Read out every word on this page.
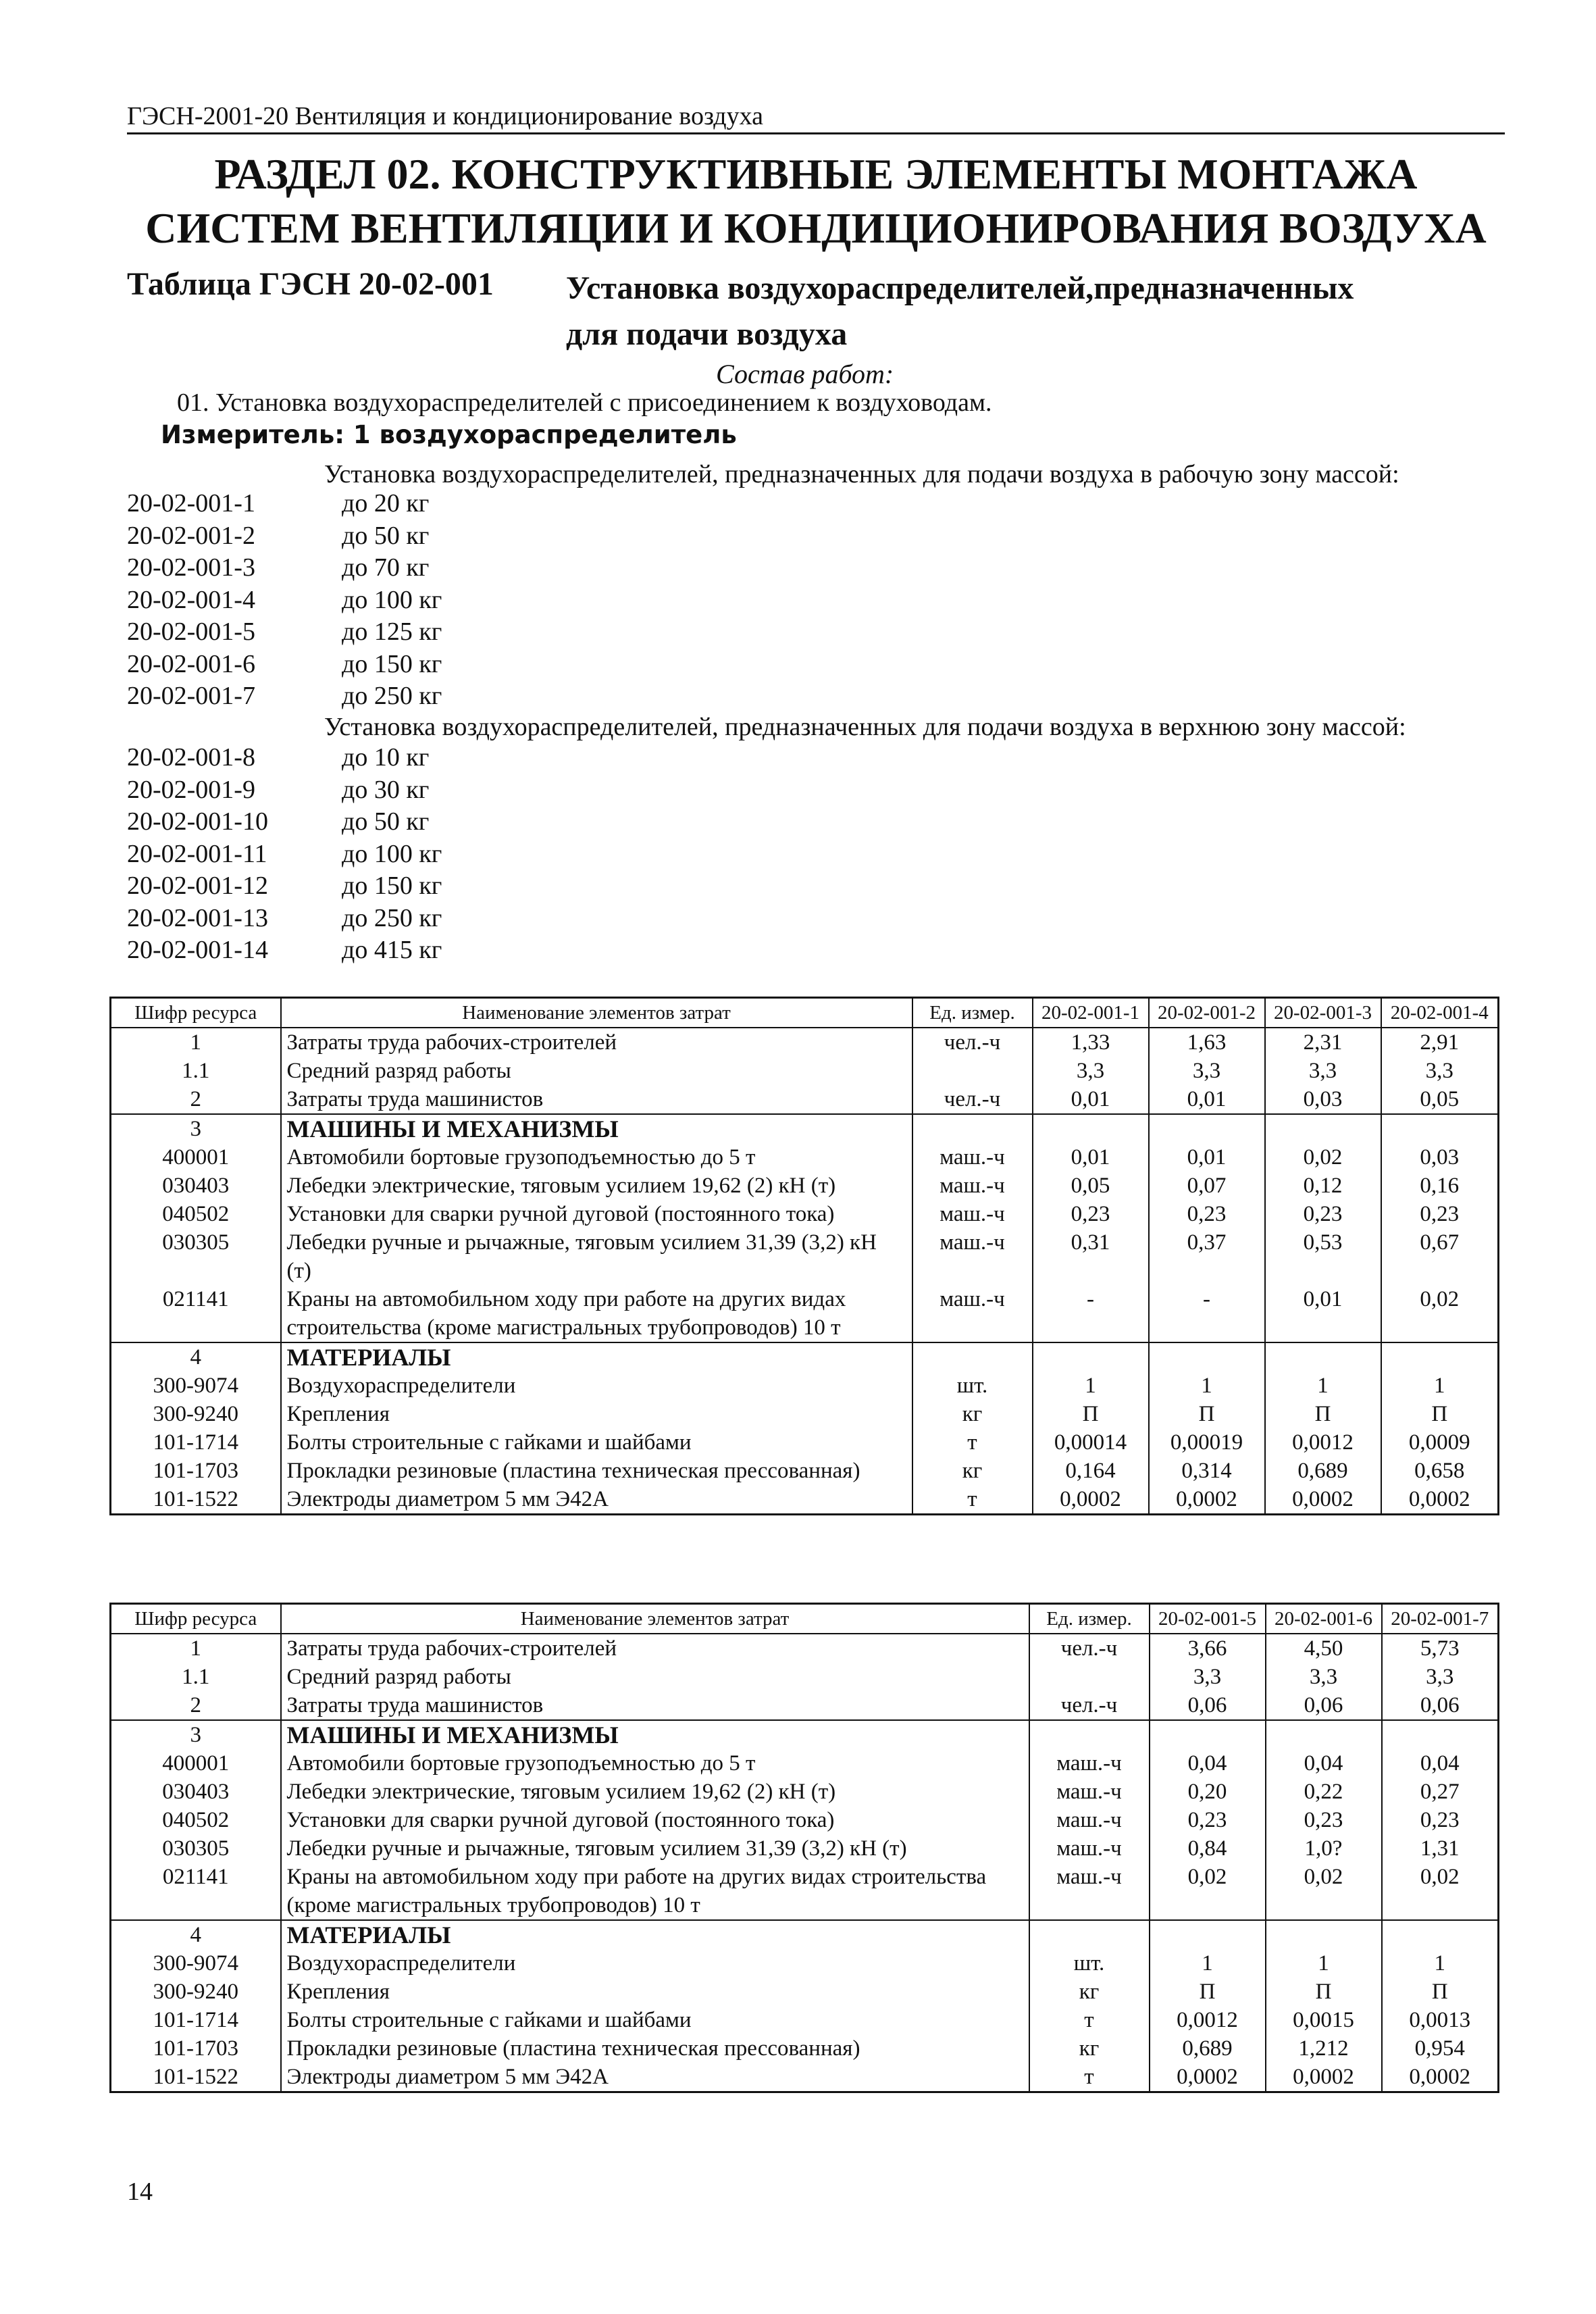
ГЭСН-2001-20 Вентиляция и кондиционирование воздуха
РАЗДЕЛ 02. КОНСТРУКТИВНЫЕ ЭЛЕМЕНТЫ МОНТАЖА
СИСТЕМ ВЕНТИЛЯЦИИ И КОНДИЦИОНИРОВАНИЯ ВОЗДУХА
Таблица ГЭСН 20-02-001 Установка воздухораспределителей,предназначенных
для подачи воздуха
Состав работ:
01. Установка воздухораспределителей с присоединением к воздуховодам.
Измеритель: 1 воздухораспределитель
Установка воздухораспределителей, предназначенных для подачи воздуха в рабочую зону массой:
20-02-001-1	до 20 кг
20-02-001-2	до 50 кг
20-02-001-3	до 70 кг
20-02-001-4	до 100 кг
20-02-001-5	до 125 кг
20-02-001-6	до 150 кг
20-02-001-7	до 250 кг
Установка воздухораспределителей, предназначенных для подачи воздуха в верхнюю зону массой:
20-02-001-8	до 10 кг
20-02-001-9	до 30 кг
20-02-001-10	до 50 кг
20-02-001-11	до 100 кг
20-02-001-12	до 150 кг
20-02-001-13	до 250 кг
20-02-001-14	до 415 кг
Шифр ресурса	Наименование элементов затрат	Ед. измер.	20-02-001-1	20-02-001-2	20-02-001-3	20-02-001-4
1	Затраты труда рабочих-строителей	чел.-ч	1,33	1,63	2,31	2,91
1.1	Средний разряд работы		3,3	3,3	3,3	3,3
2	Затраты труда машинистов	чел.-ч	0,01	0,01	0,03	0,05
3	МАШИНЫ И МЕХАНИЗМЫ					
400001	Автомобили бортовые грузоподъемностью до 5 т	маш.-ч	0,01	0,01	0,02	0,03
030403	Лебедки электрические, тяговым усилием 19,62 (2) кН (т)	маш.-ч	0,05	0,07	0,12	0,16
040502	Установки для сварки ручной дуговой (постоянного тока)	маш.-ч	0,23	0,23	0,23	0,23
030305	Лебедки ручные и рычажные, тяговым усилием 31,39 (3,2) кН (т)	маш.-ч	0,31	0,37	0,53	0,67
021141	Краны на автомобильном ходу при работе на других видах строительства (кроме магистральных трубопроводов) 10 т	маш.-ч	-	-	0,01	0,02
4	МАТЕРИАЛЫ					
300-9074	Воздухораспределители	шт.	1	1	1	1
300-9240	Крепления	кг	П	П	П	П
101-1714	Болты строительные с гайками и шайбами	т	0,00014	0,00019	0,0012	0,0009
101-1703	Прокладки резиновые (пластина техническая прессованная)	кг	0,164	0,314	0,689	0,658
101-1522	Электроды диаметром 5 мм Э42А	т	0,0002	0,0002	0,0002	0,0002
Шифр ресурса	Наименование элементов затрат	Ед. измер.	20-02-001-5	20-02-001-6	20-02-001-7
1	Затраты труда рабочих-строителей	чел.-ч	3,66	4,50	5,73
1.1	Средний разряд работы		3,3	3,3	3,3
2	Затраты труда машинистов	чел.-ч	0,06	0,06	0,06
3	МАШИНЫ И МЕХАНИЗМЫ				
400001	Автомобили бортовые грузоподъемностью до 5 т	маш.-ч	0,04	0,04	0,04
030403	Лебедки электрические, тяговым усилием 19,62 (2) кН (т)	маш.-ч	0,20	0,22	0,27
040502	Установки для сварки ручной дуговой (постоянного тока)	маш.-ч	0,23	0,23	0,23
030305	Лебедки ручные и рычажные, тяговым усилием 31,39 (3,2) кН (т)	маш.-ч	0,84	1,0?	1,31
021141	Краны на автомобильном ходу при работе на других видах строительства (кроме магистральных трубопроводов) 10 т	маш.-ч	0,02	0,02	0,02
4	МАТЕРИАЛЫ				
300-9074	Воздухораспределители	шт.	1	1	1
300-9240	Крепления	кг	П	П	П
101-1714	Болты строительные с гайками и шайбами	т	0,0012	0,0015	0,0013
101-1703	Прокладки резиновые (пластина техническая прессованная)	кг	0,689	1,212	0,954
101-1522	Электроды диаметром 5 мм Э42А	т	0,0002	0,0002	0,0002
14
